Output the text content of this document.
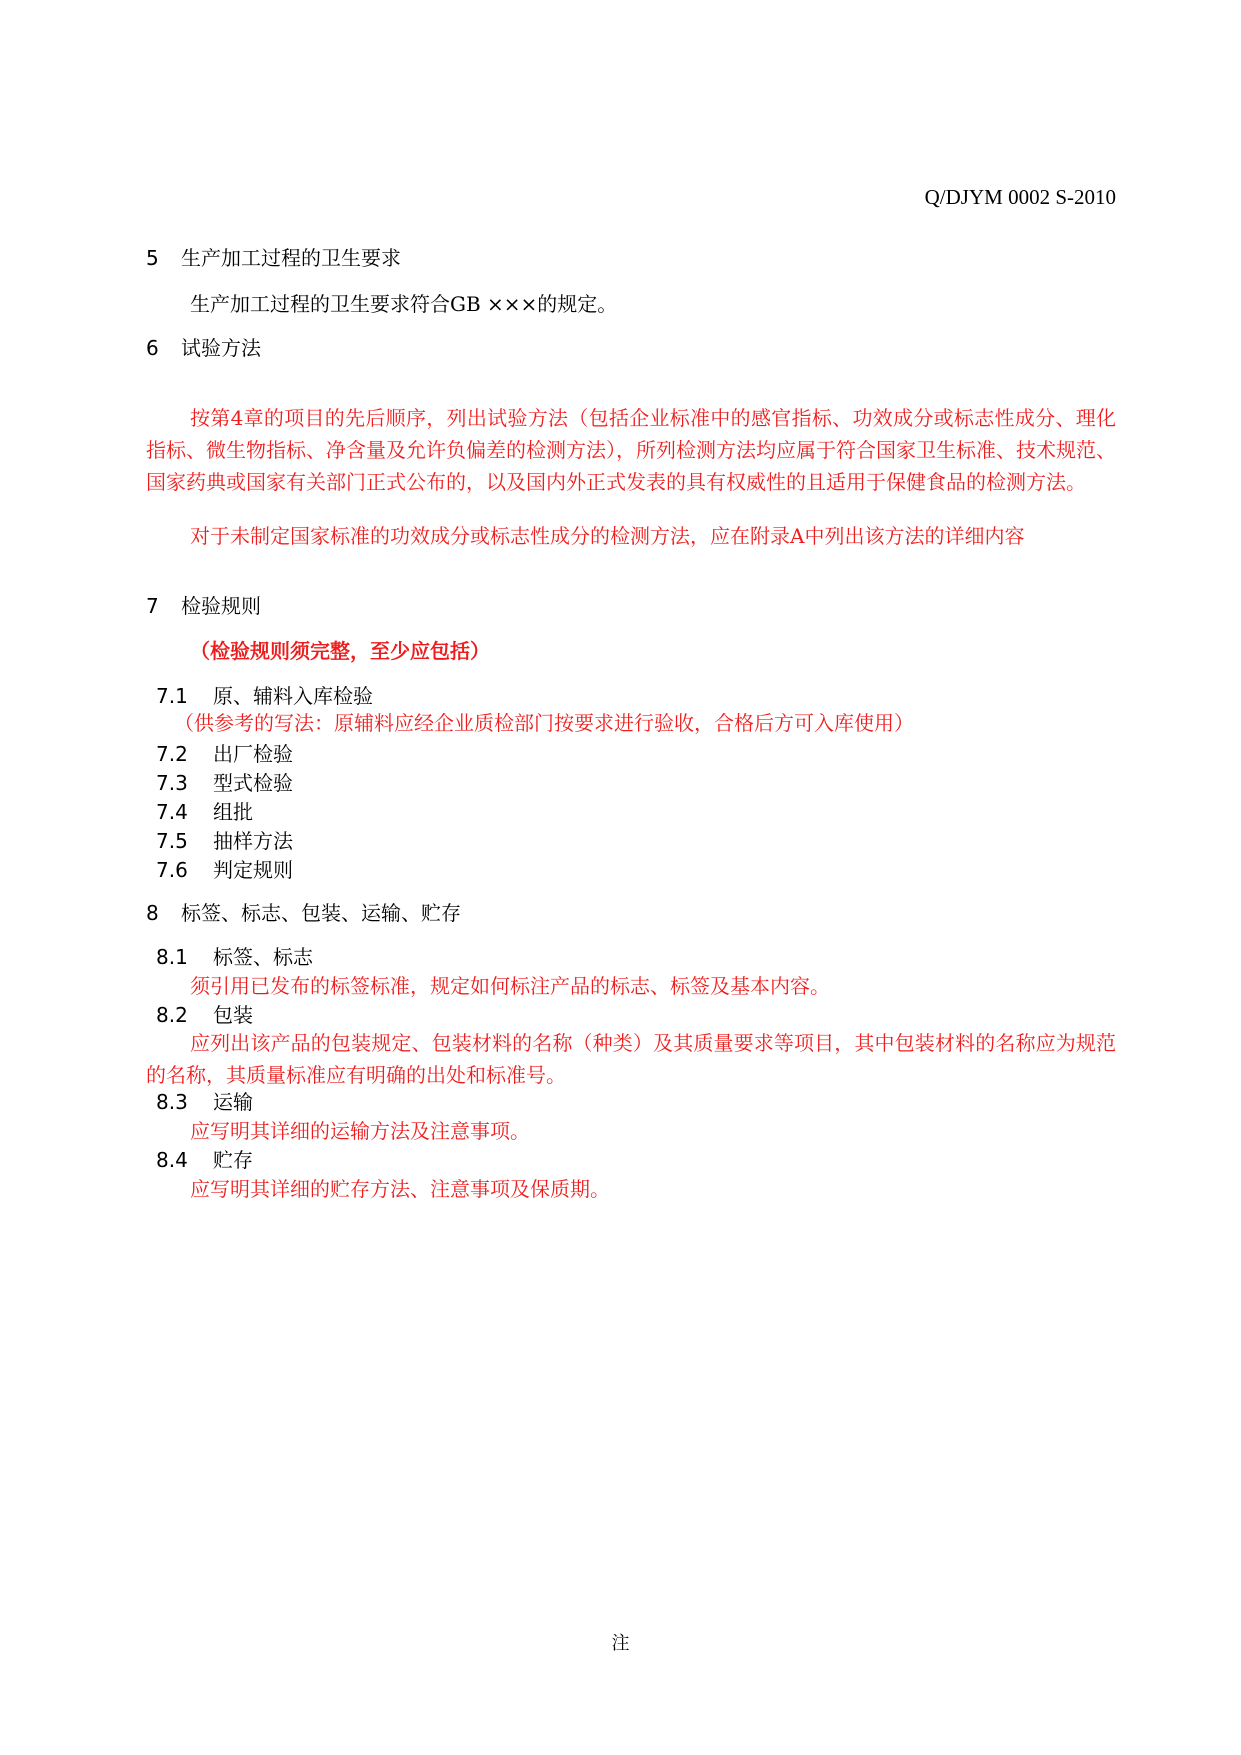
Q/DJYM 0002 S-2010
5 生产加工过程的卫生要求
生产加工过程的卫生要求符合GB ×××的规定。
6 试验方法

按第4章的项目的先后顺序，列出试验方法（包括企业标准中的感官指标、功效成分或标志性成分、理化指标、微生物指标、净含量及允许负偏差的检测方法），所列检测方法均应属于符合国家卫生标准、技术规范、国家药典或国家有关部门正式公布的，以及国内外正式发表的具有权威性的且适用于保健食品的检测方法。

对于未制定国家标准的功效成分或标志性成分的检测方法，应在附录A中列出该方法的详细内容
7 检验规则
（检验规则须完整，至少应包括）
7.1 原、辅料入库检验
（供参考的写法：原辅料应经企业质检部门按要求进行验收，合格后方可入库使用）
7.2 出厂检验
7.3 型式检验
7.4 组批
7.5 抽样方法
7.6 判定规则
8 标签、标志、包装、运输、贮存
8.1 标签、标志
须引用已发布的标签标准，规定如何标注产品的标志、标签及基本内容。
8.2 包装

应列出该产品的包装规定、包装材料的名称（种类）及其质量要求等项目，其中包装材料的名称应为规范的名称，其质量标准应有明确的出处和标准号。

8.3 运输
应写明其详细的运输方法及注意事项。
8.4 贮存
应写明其详细的贮存方法、注意事项及保质期。
注
